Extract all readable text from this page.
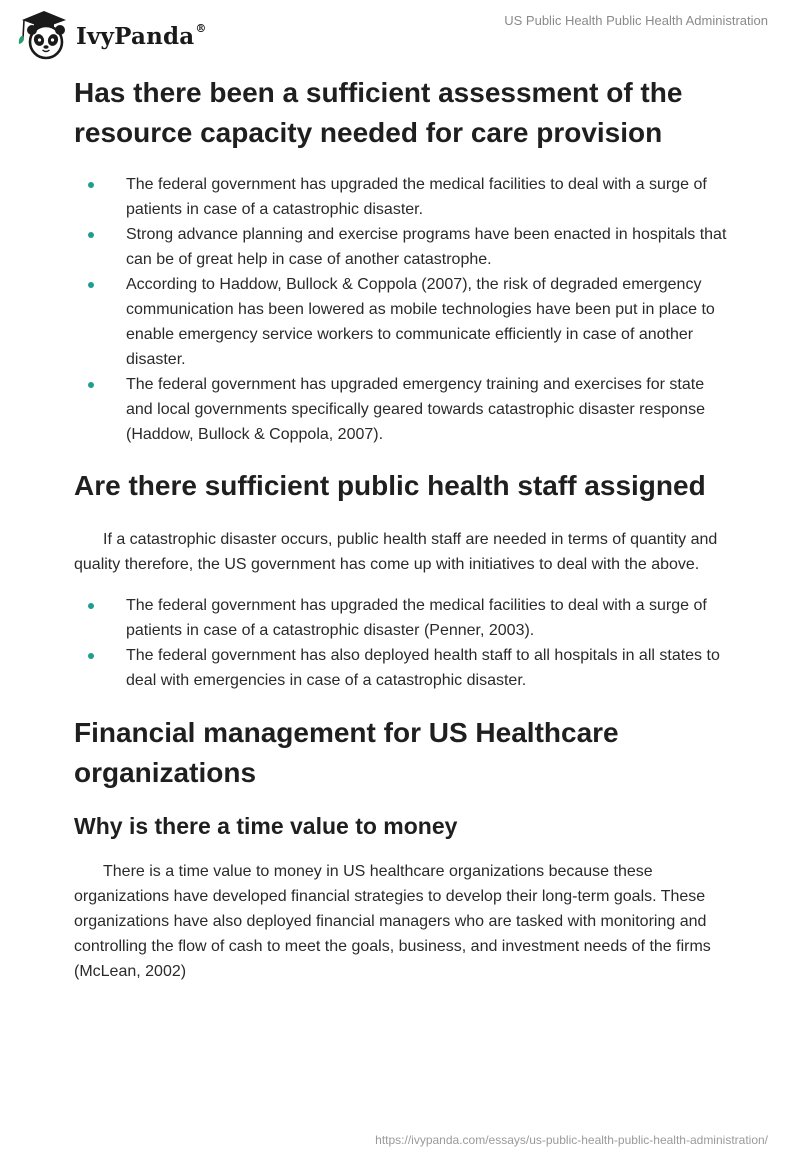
IvyPanda®
US Public Health Public Health Administration
Has there been a sufficient assessment of the resource capacity needed for care provision
The federal government has upgraded the medical facilities to deal with a surge of patients in case of a catastrophic disaster.
Strong advance planning and exercise programs have been enacted in hospitals that can be of great help in case of another catastrophe.
According to Haddow, Bullock & Coppola (2007), the risk of degraded emergency communication has been lowered as mobile technologies have been put in place to enable emergency service workers to communicate efficiently in case of another disaster.
The federal government has upgraded emergency training and exercises for state and local governments specifically geared towards catastrophic disaster response (Haddow, Bullock & Coppola, 2007).
Are there sufficient public health staff assigned

If a catastrophic disaster occurs, public health staff are needed in terms of quantity and quality therefore, the US government has come up with initiatives to deal with the above.

The federal government has upgraded the medical facilities to deal with a surge of patients in case of a catastrophic disaster (Penner, 2003).
The federal government has also deployed health staff to all hospitals in all states to deal with emergencies in case of a catastrophic disaster.
Financial management for US Healthcare organizations
Why is there a time value to money

There is a time value to money in US healthcare organizations because these organizations have developed financial strategies to develop their long-term goals. These organizations have also deployed financial managers who are tasked with monitoring and controlling the flow of cash to meet the goals, business, and investment needs of the firms (McLean, 2002)

https://ivypanda.com/essays/us-public-health-public-health-administration/
